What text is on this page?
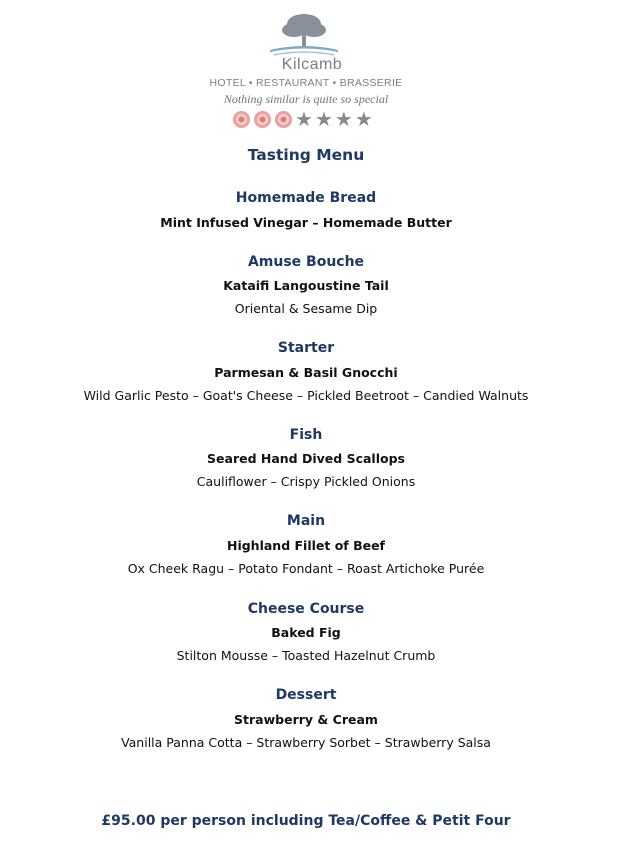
Kilcamb
HOTEL • RESTAURANT • BRASSERIE
Nothing similar is quite so special
★ ★ ★ ★
Tasting Menu
Homemade Bread
Mint Infused Vinegar – Homemade Butter
Amuse Bouche
Kataifi Langoustine Tail
Oriental & Sesame Dip
Starter
Parmesan & Basil Gnocchi
Wild Garlic Pesto – Goat's Cheese – Pickled Beetroot – Candied Walnuts
Fish
Seared Hand Dived Scallops
Cauliflower – Crispy Pickled Onions
Main
Highland Fillet of Beef
Ox Cheek Ragu – Potato Fondant – Roast Artichoke Purée
Cheese Course
Baked Fig
Stilton Mousse – Toasted Hazelnut Crumb
Dessert
Strawberry & Cream
Vanilla Panna Cotta – Strawberry Sorbet – Strawberry Salsa
£95.00 per person including Tea/Coffee & Petit Four
